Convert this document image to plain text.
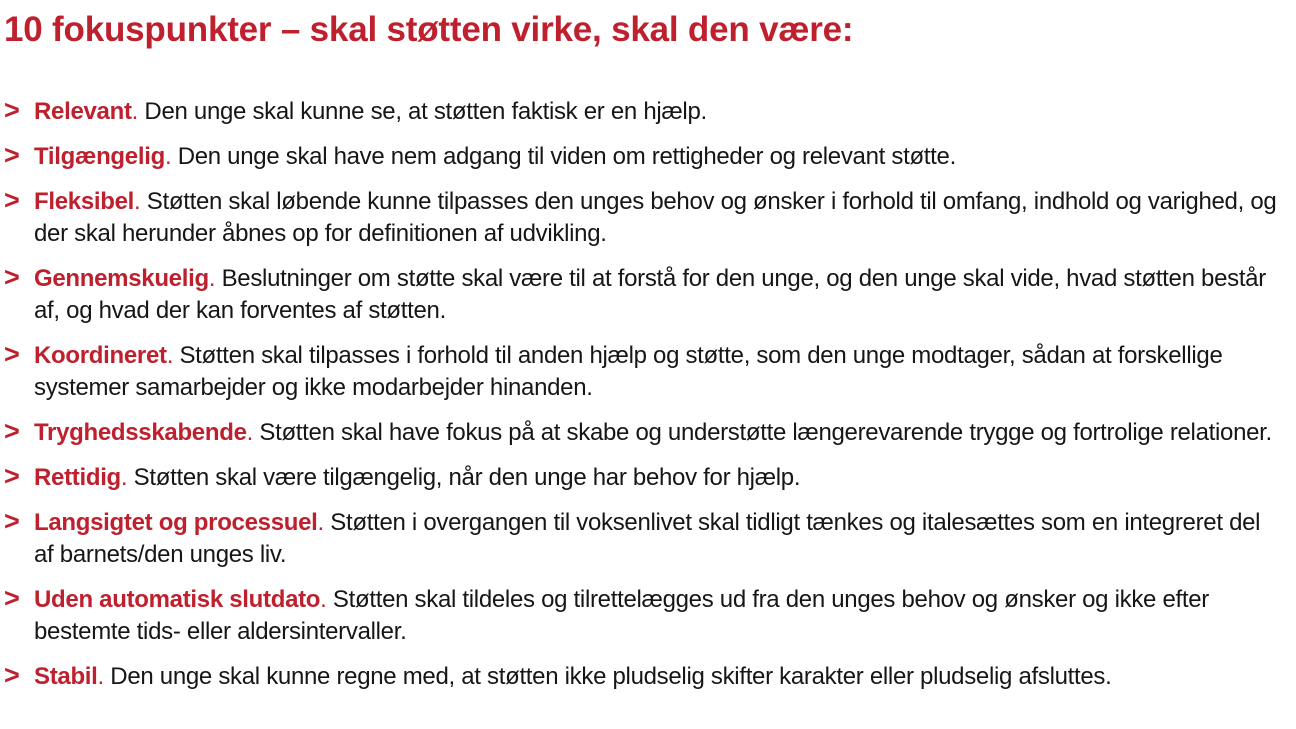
10 fokuspunkter – skal støtten virke, skal den være:
> Relevant. Den unge skal kunne se, at støtten faktisk er en hjælp.
> Tilgængelig. Den unge skal have nem adgang til viden om rettigheder og relevant støtte.
> Fleksibel. Støtten skal løbende kunne tilpasses den unges behov og ønsker i forhold til omfang, indhold og varighed, og der skal herunder åbnes op for definitionen af udvikling.
> Gennemskuelig. Beslutninger om støtte skal være til at forstå for den unge, og den unge skal vide, hvad støtten består af, og hvad der kan forventes af støtten.
> Koordineret. Støtten skal tilpasses i forhold til anden hjælp og støtte, som den unge modtager, sådan at forskellige systemer samarbejder og ikke modarbejder hinanden.
> Tryghedsskabende. Støtten skal have fokus på at skabe og understøtte længerevarende trygge og fortrolige relationer.
> Rettidig. Støtten skal være tilgængelig, når den unge har behov for hjælp.
> Langsigtet og processuel. Støtten i overgangen til voksenlivet skal tidligt tænkes og italesættes som en integreret del af barnets/den unges liv.
> Uden automatisk slutdato. Støtten skal tildeles og tilrettelægges ud fra den unges behov og ønsker og ikke efter bestemte tids- eller aldersintervaller.
> Stabil. Den unge skal kunne regne med, at støtten ikke pludselig skifter karakter eller pludselig afsluttes.
